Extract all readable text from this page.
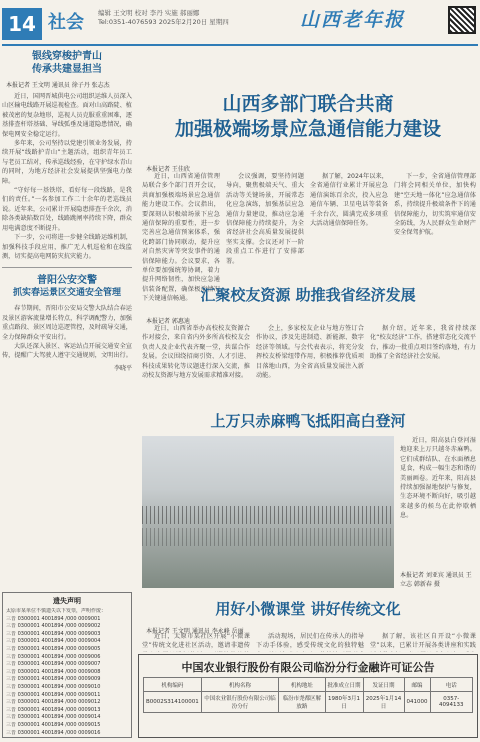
14 社会 编辑 王文明 校对 李丹 实施 郝丽娜
Tel:0351-4076593 2025年2月20日 星期四	山西老年报
银线穿梭护青山
传承共建显担当
本报记者 王文明 通讯员 徐子丹 张志杰

近日，国网晋城供电公司组织运维人员深入山区输电线路开展巡视检查。面对山高路陡、植被茂密的复杂地形，巡视人员克服重重困难，逐基排查杆塔基础、导线弧垂及通道隐患情况，确保电网安全稳定运行。

多年来，公司坚持以党建引领业务发展，持续开展“线路护青山”主题活动，组织青年员工与老员工结对，传承巡线经验，在守护绿水青山的同时，为地方经济社会发展提供坚强电力保障。

“守好每一基铁塔、看好每一段线路，是我们的责任。”一名参加工作二十余年的老巡线员说。近年来，公司累计开展隐患排查千余次，消除各类缺陷数百处，线路跳闸率持续下降，群众用电满意度不断提升。

下一步，公司将进一步健全线路运维机制，加强科技手段应用，推广无人机巡检和在线监测，切实提高电网防灾抗灾能力。

普阳公安交警
抓实春运景区交通安全管理

春节期间，晋阳市公安局交警大队结合春运及景区游客流量增长特点，科学调配警力，加强重点路段、景区周边巡逻管控，及时疏导交通，全力保障群众平安出行。

大队还深入景区、客运站点开展交通安全宣传，提醒广大驾驶人遵守交通规则，文明出行。

李晓平
遗失声明
太原市某单位不慎遗失以下发票，声明作废：
三晋 0300001 4001894 /000 0009001
三晋 0300001 4001894 /000 0009002
三晋 0300001 4001894 /000 0009003
三晋 0300001 4001894 /000 0009004
三晋 0300001 4001894 /000 0009005
三晋 0300001 4001894 /000 0009006
三晋 0300001 4001894 /000 0009007
三晋 0300001 4001894 /000 0009008
三晋 0300001 4001894 /000 0009009
三晋 0300001 4001894 /000 0009010
三晋 0300001 4001894 /000 0009011
三晋 0300001 4001894 /000 0009012
三晋 0300001 4001894 /000 0009013
三晋 0300001 4001894 /000 0009014
三晋 0300001 4001894 /000 0009015
三晋 0300001 4001894 /000 0009016
山西多部门联合共商
加强极端场景应急通信能力建设
本报记者 王佳欣

近日，山西省通信管理局联合多个部门召开会议，共商加强极端场景应急通信能力建设工作。会议指出，要深刻认识极端场景下应急通信保障的重要性，进一步完善应急通信预案体系，强化跨部门协同联动，提升应对自然灾害等突发事件的通信保障能力。会议要求，各单位要加强统筹协调，着力提升网络韧性，加快应急通信装备配置，确保极端情况下关键通信畅通。

会议强调，要坚持问题导向，聚焦极端天气、重大活动等关键场景，开展常态化应急演练，加强基层应急通信力量建设，推动应急通信保障能力持续提升，为全省经济社会高质量发展提供坚实支撑。会议还对下一阶段重点工作进行了安排部署。

据了解，2024年以来，全省通信行业累计开展应急通信演练百余次，投入应急通信车辆、卫星电话等装备千余台次，圆满完成多项重大活动通信保障任务。

下一步，全省通信管理部门将会同相关单位，加快构建“空天地一体化”应急通信体系，持续提升极端条件下的通信保障能力，切实筑牢通信安全防线，为人民群众生命财产安全保驾护航。

汇聚校友资源 助推我省经济发展
本报记者 郭惠迪

近日，山西省举办高校校友资源合作对接会，来自省内外多所高校校友会负责人及企业代表齐聚一堂，共谋合作发展。会议围绕招商引资、人才引进、科技成果转化等议题进行深入交流，推动校友资源与地方发展需求精准对接。

会上，多家校友企业与地方签订合作协议，涉及先进制造、新能源、数字经济等领域。与会代表表示，将充分发挥校友桥梁纽带作用，积极推荐优质项目落地山西，为全省高质量发展注入新动能。

据介绍，近年来，我省持续深化“校友经济”工作，搭建常态化交流平台，推动一批重点项目签约落地，有力助推了全省经济社会发展。

上万只赤麻鸭飞抵阳高白登河

近日，阳高县白登河湿地迎来上万只越冬赤麻鸭。它们成群结队、在水面栖息觅食，构成一幅生态和谐的美丽画卷。近年来，阳高县持续加强湿地保护与修复，生态环境不断向好，吸引越来越多的候鸟在此停歇栖息。

本报记者 刘亚宾 通讯员 王立志 韩新春 摄
用好小微课堂 讲好传统文化
本报记者 王文明 通讯员 李永峰 岳丽

近日，太原市某社区开展“小微课堂”传统文化进社区活动，邀请非遗传

活动现场，居民们在传承人的指导下动手体验，感受传统文化的独特魅

据了解，该社区自开设“小微课堂”以来，已累计开展各类讲座和实践

中国农业银行股份有限公司临汾分行金融许可证公告
机构编码	机构名称	机构地址	批准成立日期	发证日期	邮编	电话
B0002S314100001	中国农业银行股份有限公司临汾分行	临汾市尧都区解放路	1980年3月1日	2025年1月14日	041000	0357-4094133
